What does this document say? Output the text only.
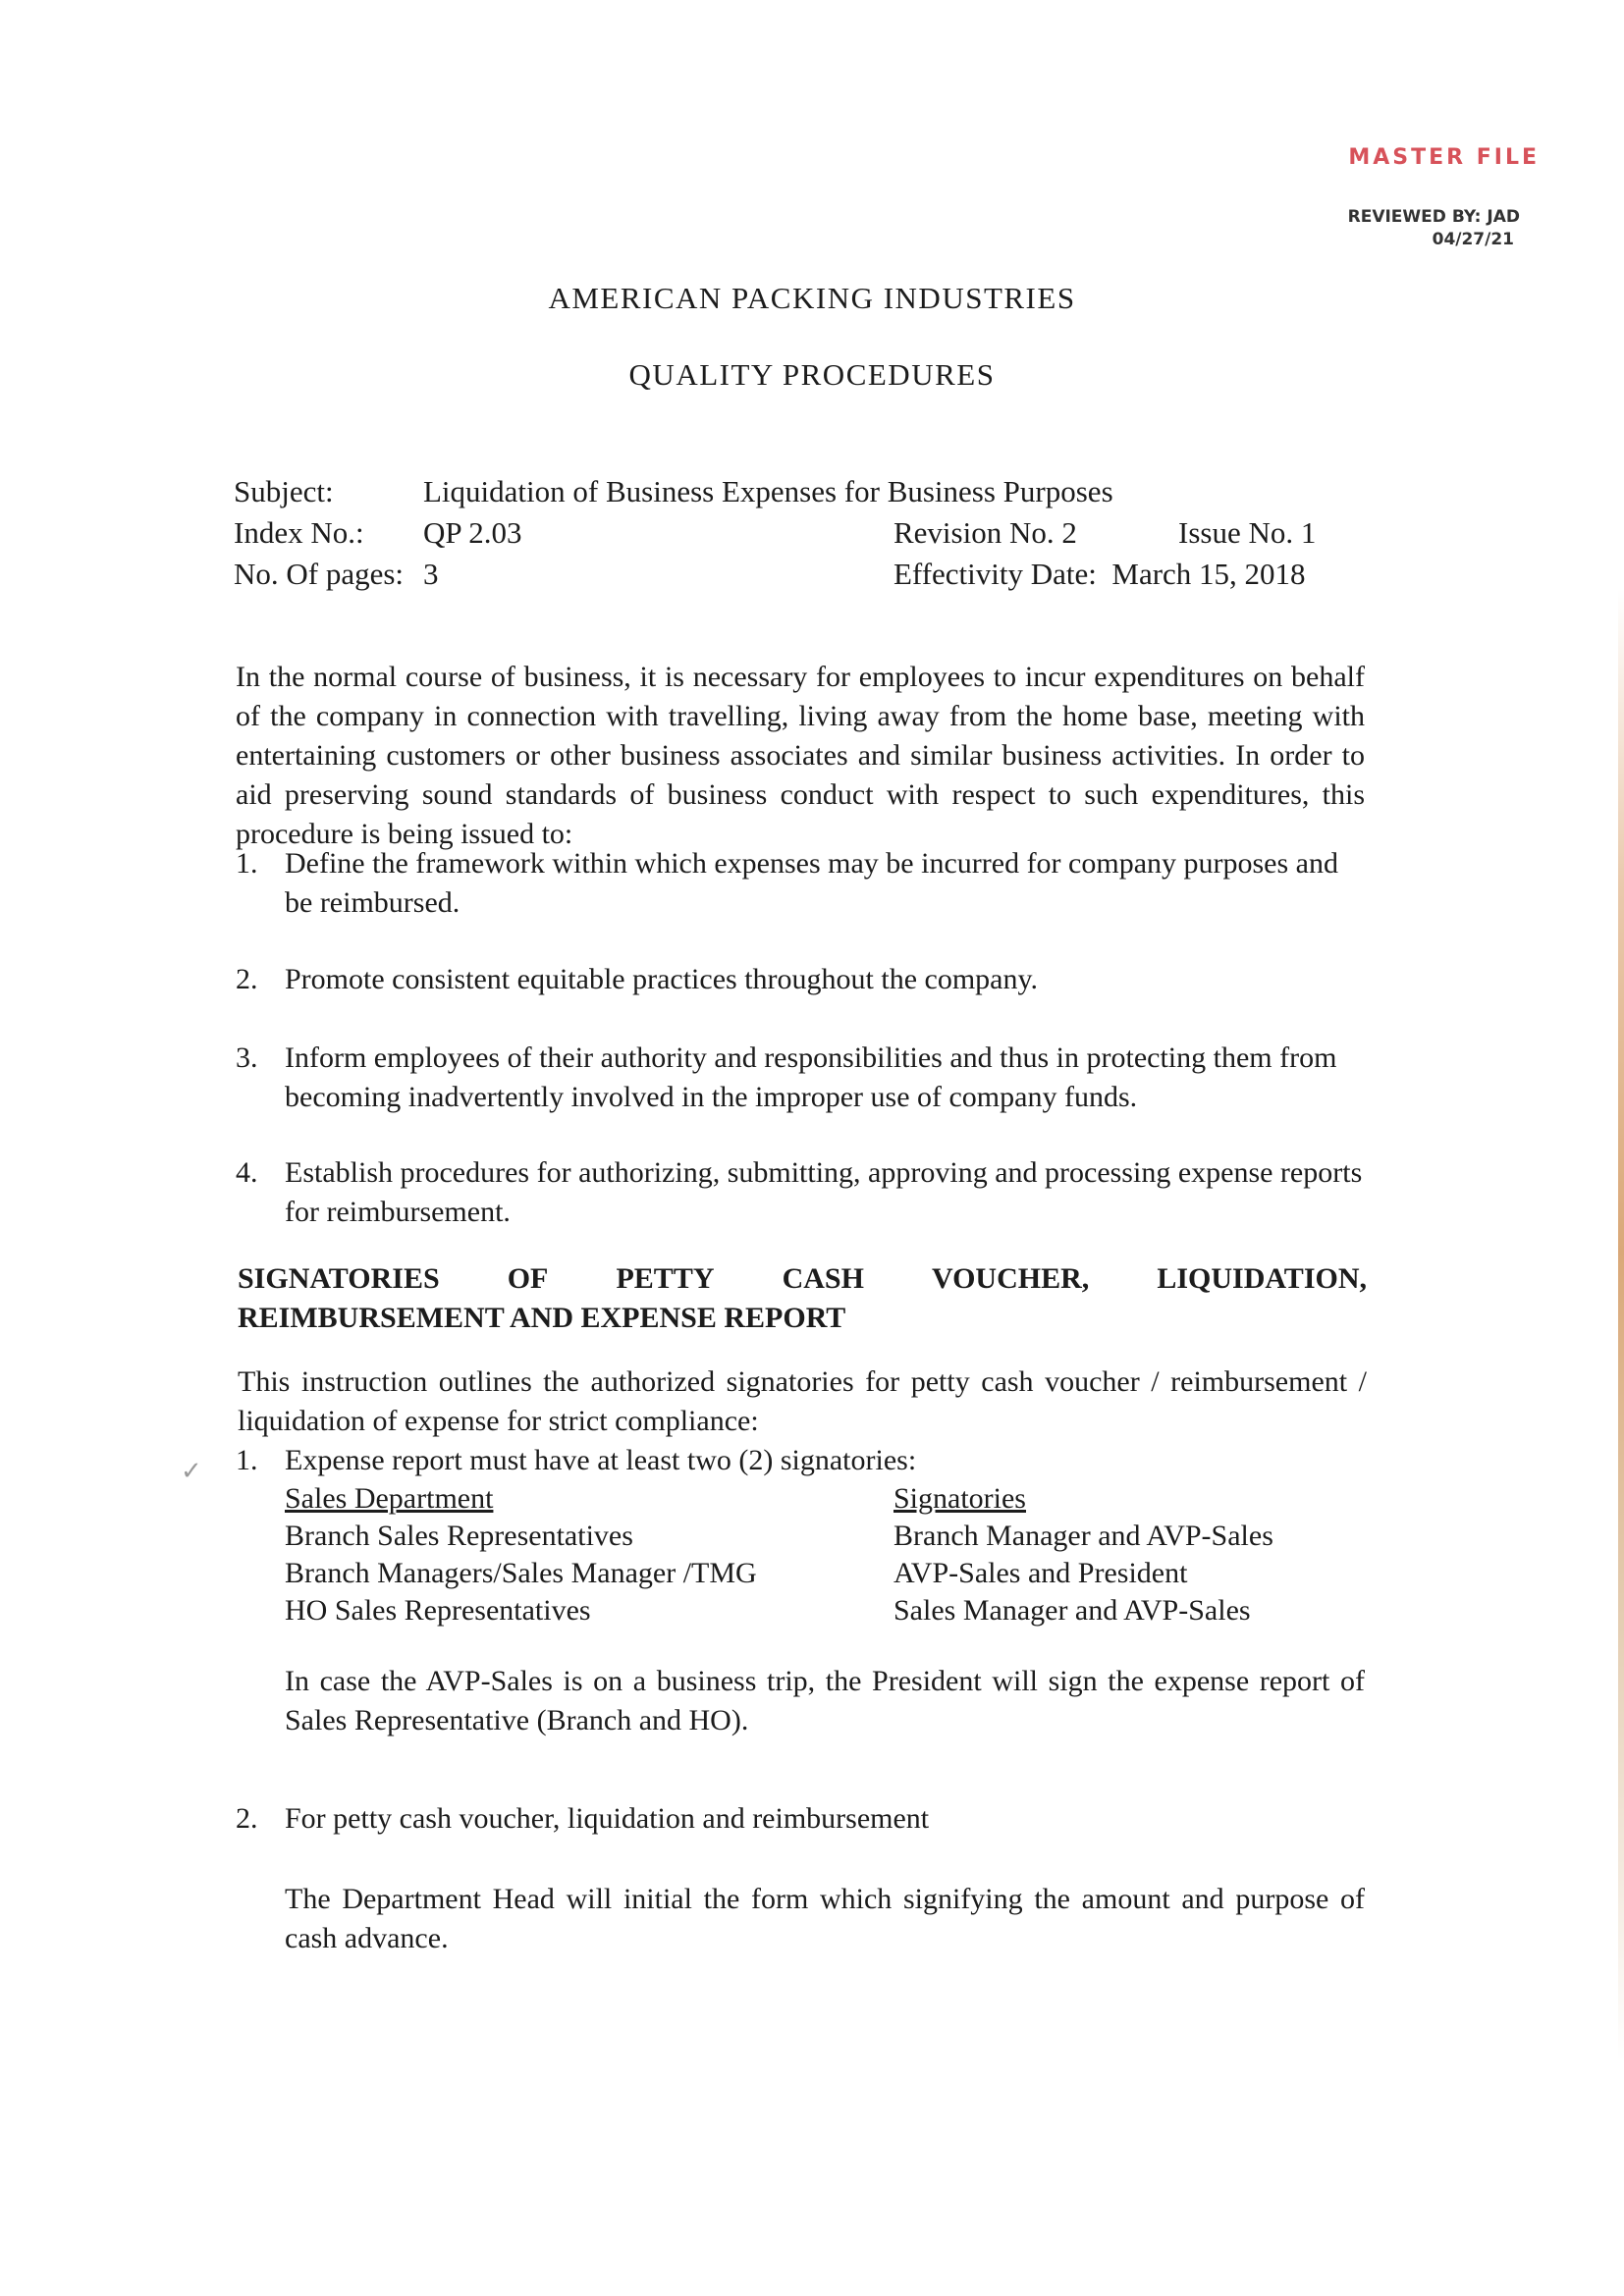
MASTER FILE
REVIEWED BY: JAD
04/27/21
AMERICAN PACKING INDUSTRIES
QUALITY PROCEDURES
Subject:	Liquidation of Business Expenses for Business Purposes
Index No.: QP 2.03	Revision No. 2	Issue No. 1
No. Of pages: 3	Effectivity Date: March 15, 2018

In the normal course of business, it is necessary for employees to incur expenditures on behalf of the company in connection with travelling, living away from the home base, meeting with entertaining customers or other business associates and similar business activities. In order to aid preserving sound standards of business conduct with respect to such expenditures, this procedure is being issued to:

1. Define the framework within which expenses may be incurred for company purposes and be reimbursed.
2. Promote consistent equitable practices throughout the company.
3. Inform employees of their authority and responsibilities and thus in protecting them from becoming inadvertently involved in the improper use of company funds.
4. Establish procedures for authorizing, submitting, approving and processing expense reports for reimbursement.
SIGNATORIES OF PETTY CASH VOUCHER, LIQUIDATION,
REIMBURSEMENT AND EXPENSE REPORT

This instruction outlines the authorized signatories for petty cash voucher / reimbursement / liquidation of expense for strict compliance:

✓ 1. Expense report must have at least two (2) signatories:
Sales Department	Signatories
Branch Sales Representatives	Branch Manager and AVP-Sales
Branch Managers/Sales Manager /TMG	AVP-Sales and President
HO Sales Representatives	Sales Manager and AVP-Sales

In case the AVP-Sales is on a business trip, the President will sign the expense report of Sales Representative (Branch and HO).

2. For petty cash voucher, liquidation and reimbursement

The Department Head will initial the form which signifying the amount and purpose of cash advance.
